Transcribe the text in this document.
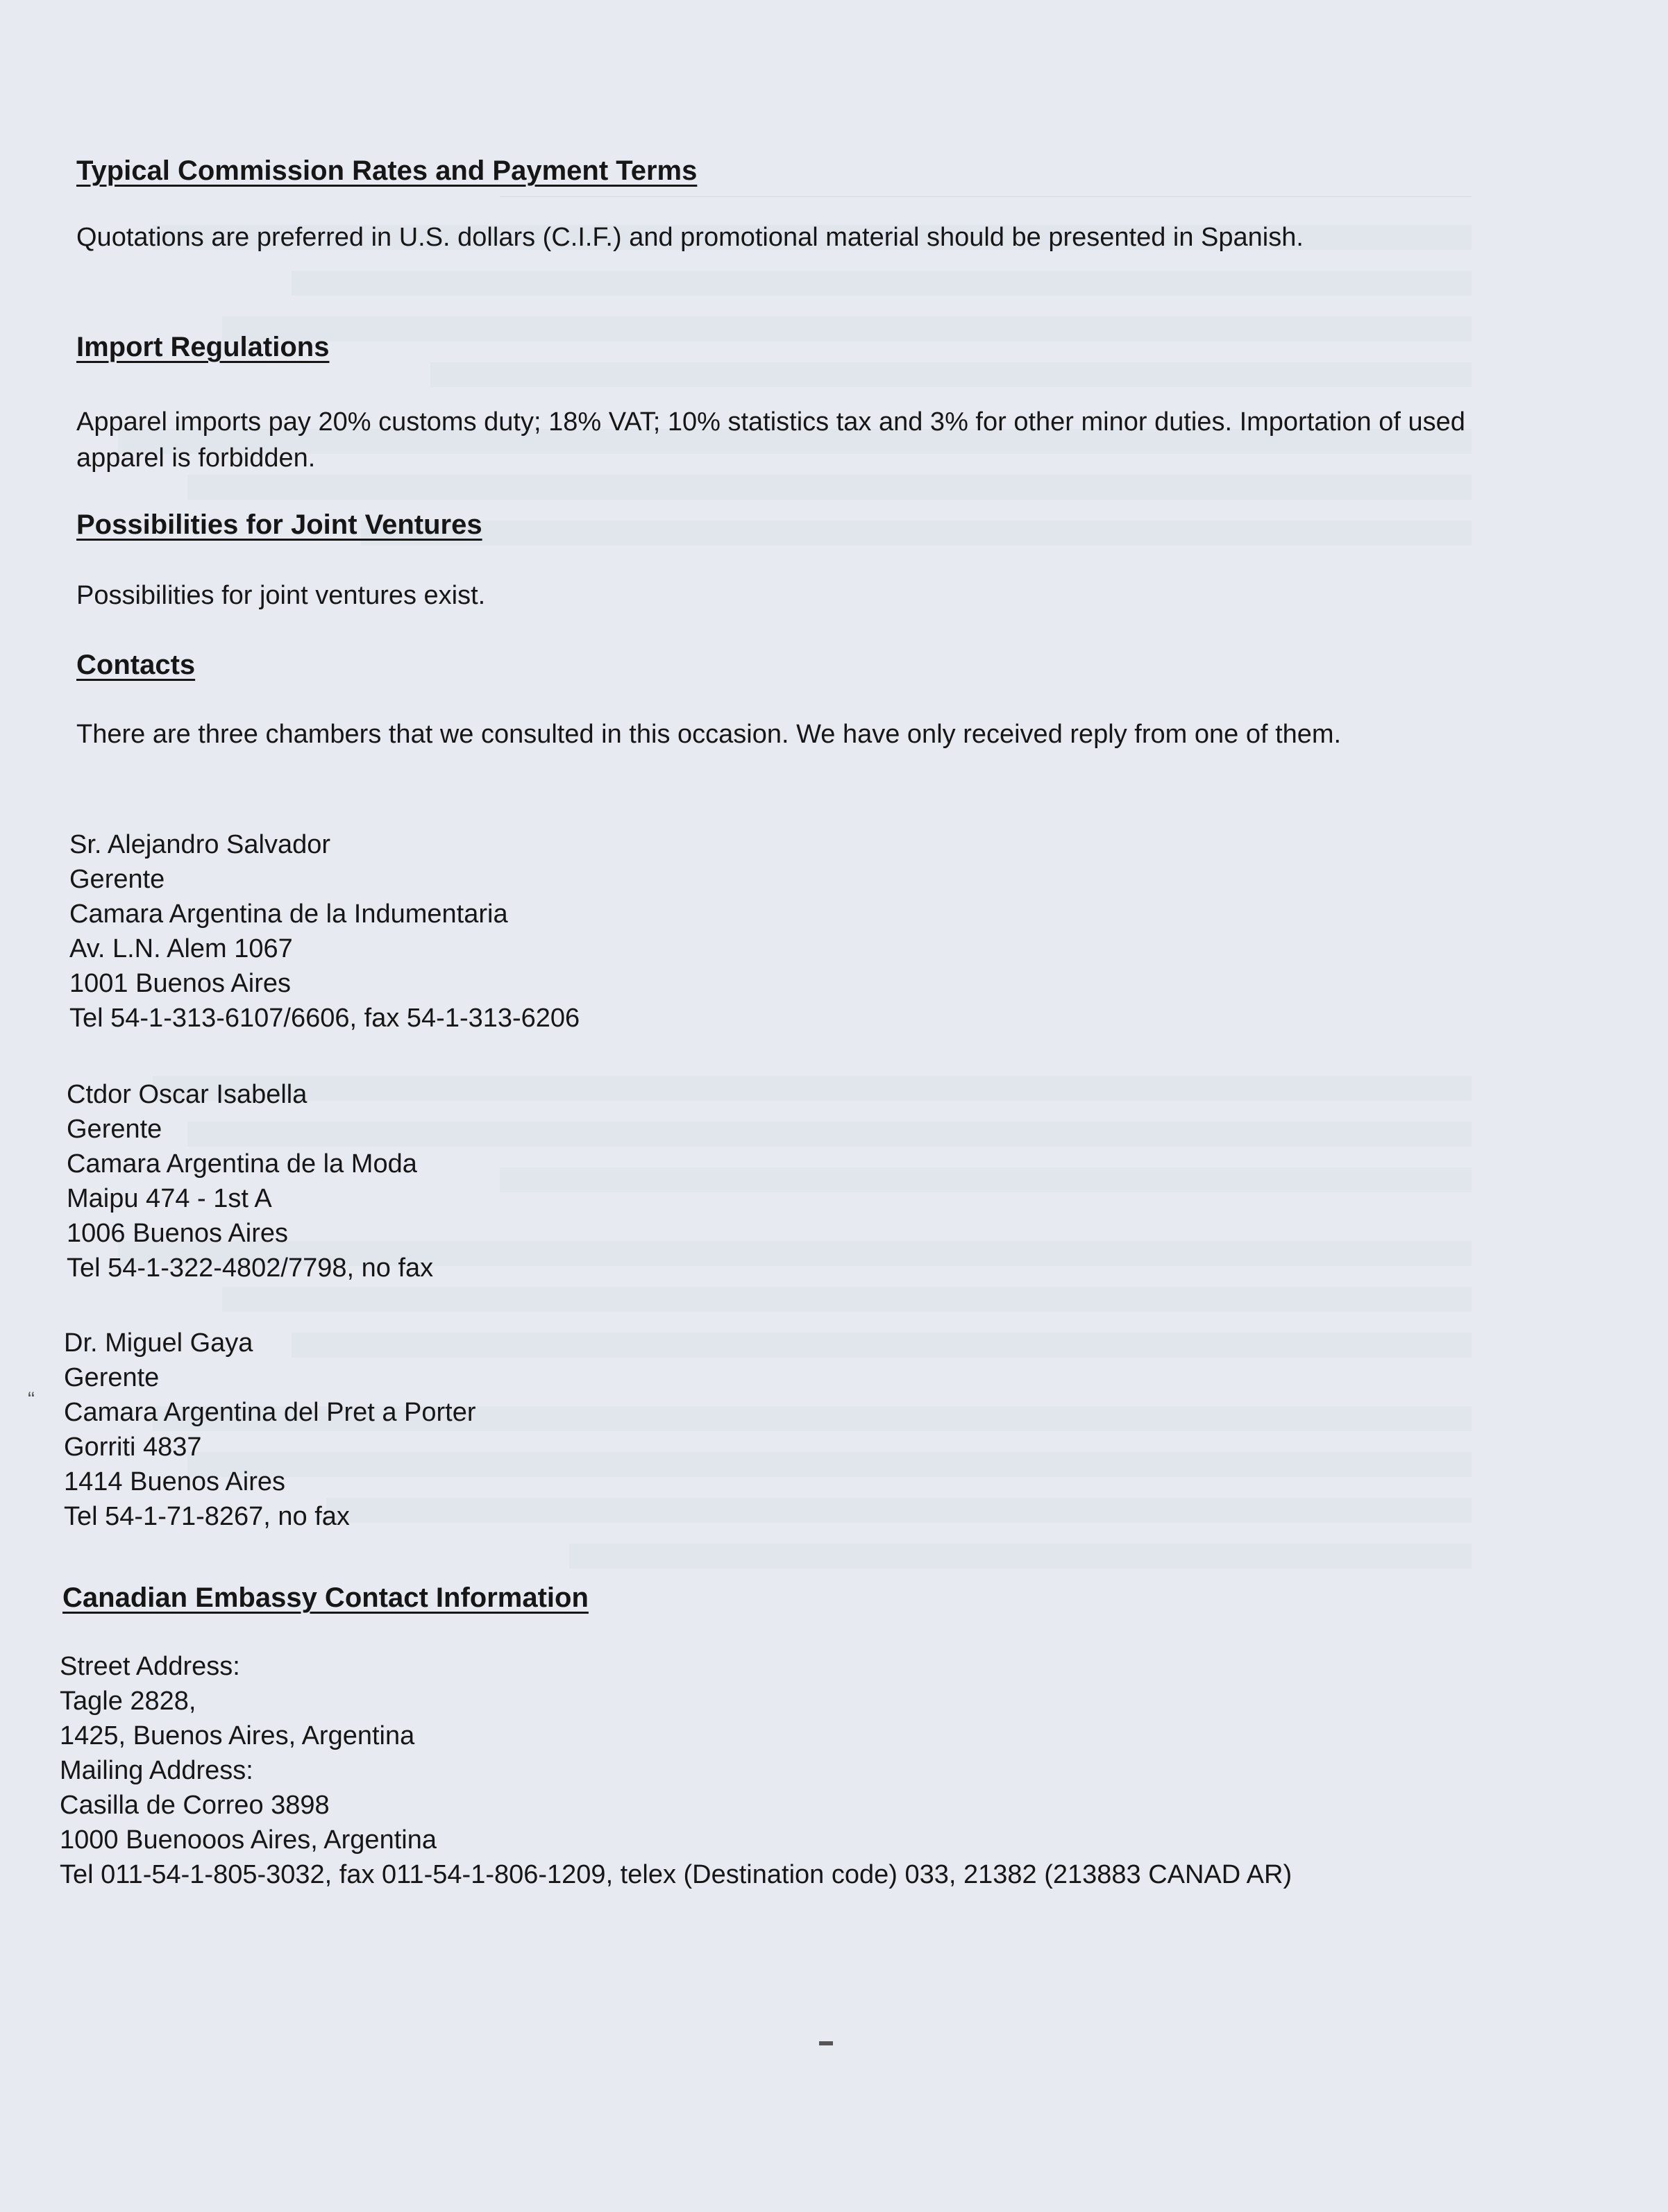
Typical Commission Rates and Payment Terms

Quotations are preferred in U.S. dollars (C.I.F.) and promotional material should be presented in Spanish.

Import Regulations

Apparel imports pay 20% customs duty; 18% VAT; 10% statistics tax and 3% for other minor duties. Importation of used apparel is forbidden.

Possibilities for Joint Ventures

Possibilities for joint ventures exist.

Contacts

There are three chambers that we consulted in this occasion. We have only received reply from one of them.

Sr. Alejandro Salvador
Gerente
Camara Argentina de la Indumentaria
Av. L.N. Alem 1067
1001 Buenos Aires
Tel 54-1-313-6107/6606, fax 54-1-313-6206
Ctdor Oscar Isabella
Gerente
Camara Argentina de la Moda
Maipu 474 - 1st A
1006 Buenos Aires
Tel 54-1-322-4802/7798, no fax
Dr. Miguel Gaya
Gerente
Camara Argentina del Pret a Porter
Gorriti 4837
1414 Buenos Aires
Tel 54-1-71-8267, no fax
Canadian Embassy Contact Information
Street Address:
Tagle 2828,
1425, Buenos Aires, Argentina
Mailing Address:
Casilla de Correo 3898
1000 Buenooos Aires, Argentina
Tel 011-54-1-805-3032, fax 011-54-1-806-1209, telex (Destination code) 033, 21382 (213883 CANAD AR)
“
▬
